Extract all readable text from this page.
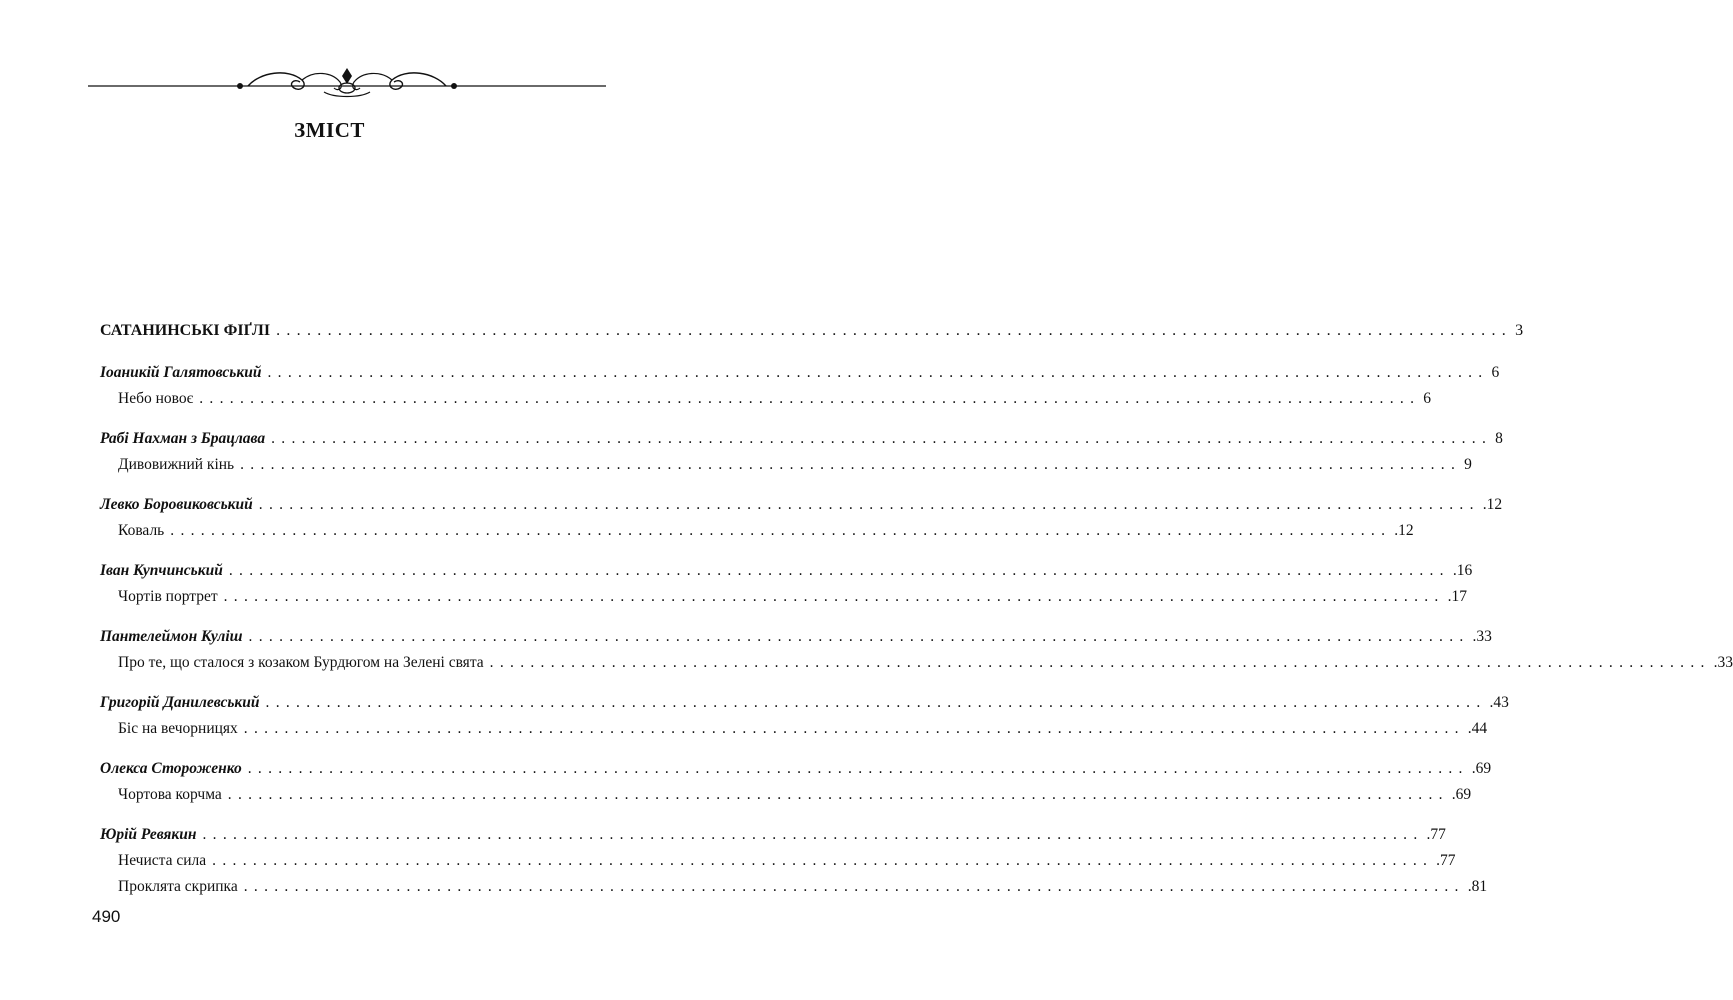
ЗМІСТ
САТАНИНСЬКІ ФІҐЛІ ........................................................................................................................ 3
Іоаникій Галятовський ........................................................................................................................ 6
Небо новоє ........................................................................................................................ 6
Рабі Нахман з Брацлава ........................................................................................................................ 8
Дивовижний кінь ........................................................................................................................ 9
Левко Боровиковський ........................................................................................................................ .12
Коваль ........................................................................................................................ .12
Іван Купчинський ........................................................................................................................ .16
Чортів портрет ........................................................................................................................ .17
Пантелеймон Куліш ........................................................................................................................ .33
Про те, що сталося з козаком Бурдюгом на Зелені свята ........................................................................................................................ .33
Григорій Данилевський ........................................................................................................................ .43
Біс на вечорницях ........................................................................................................................ .44
Олекса Стороженко ........................................................................................................................ .69
Чортова корчма ........................................................................................................................ .69
Юрій Ревякин ........................................................................................................................ .77
Нечиста сила ........................................................................................................................ .77
Проклята скрипка ........................................................................................................................ .81
490
